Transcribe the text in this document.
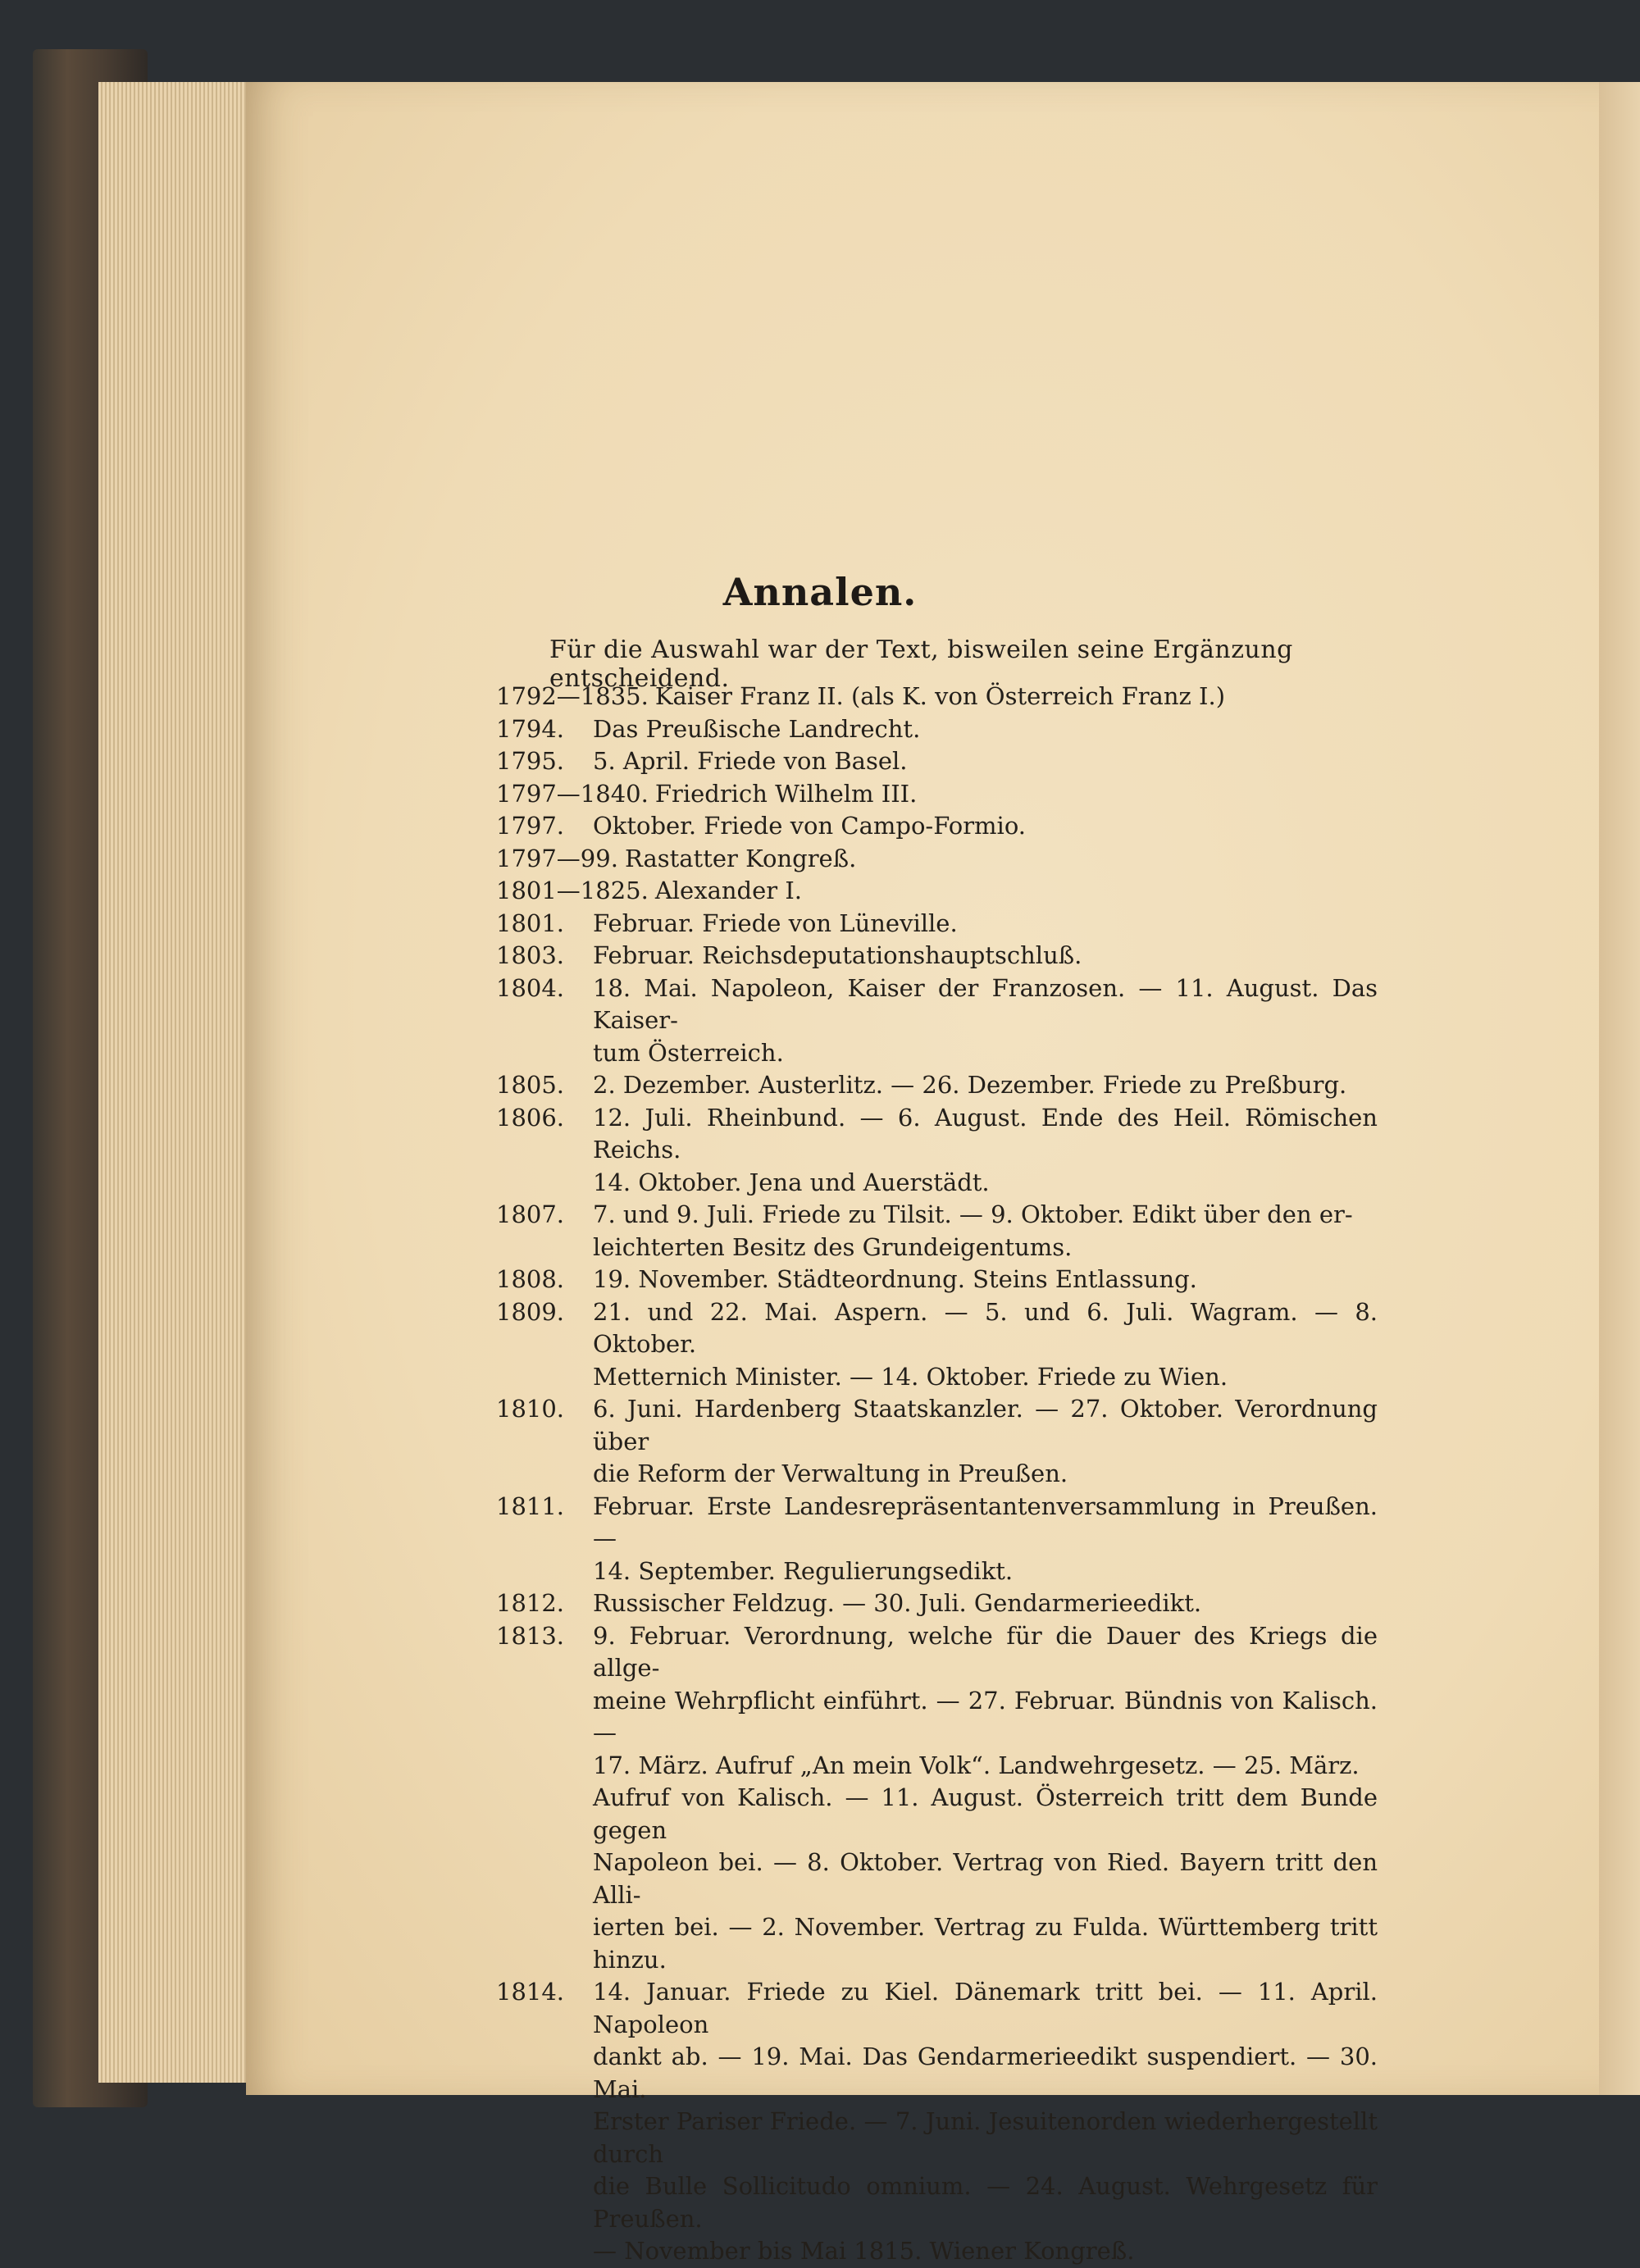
Annalen.
Für die Auswahl war der Text, bisweilen seine Ergänzung entscheidend.
1792—1835. Kaiser Franz II. (als K. von Österreich Franz I.)
1794.	Das Preußische Landrecht.
1795.	5. April. Friede von Basel.
1797—1840. Friedrich Wilhelm III.
1797.	Oktober. Friede von Campo-Formio.
1797—99. Rastatter Kongreß.
1801—1825. Alexander I.
1801.	Februar. Friede von Lüneville.
1803.	Februar. Reichsdeputationshauptschluß.
1804.	18. Mai. Napoleon, Kaiser der Franzosen. — 11. August. Das Kaiser-
tum Österreich.
1805.	2. Dezember. Austerlitz. — 26. Dezember. Friede zu Preßburg.
1806.	12. Juli. Rheinbund. — 6. August. Ende des Heil. Römischen Reichs.
14. Oktober. Jena und Auerstädt.
1807.	7. und 9. Juli. Friede zu Tilsit. — 9. Oktober. Edikt über den er-
leichterten Besitz des Grundeigentums.
1808.	19. November. Städteordnung. Steins Entlassung.
1809.	21. und 22. Mai. Aspern. — 5. und 6. Juli. Wagram. — 8. Oktober.
Metternich Minister. — 14. Oktober. Friede zu Wien.
1810.	6. Juni. Hardenberg Staatskanzler. — 27. Oktober. Verordnung über
die Reform der Verwaltung in Preußen.
1811.	Februar. Erste Landesrepräsentantenversammlung in Preußen. —
14. September. Regulierungsedikt.
1812.	Russischer Feldzug. — 30. Juli. Gendarmerieedikt.
1813.	9. Februar. Verordnung, welche für die Dauer des Kriegs die allge-
meine Wehrpflicht einführt. — 27. Februar. Bündnis von Kalisch. —
17. März. Aufruf „An mein Volk“. Landwehrgesetz. — 25. März.
Aufruf von Kalisch. — 11. August. Österreich tritt dem Bunde gegen
Napoleon bei. — 8. Oktober. Vertrag von Ried. Bayern tritt den Alli-
ierten bei. — 2. November. Vertrag zu Fulda. Württemberg tritt hinzu.
1814.	14. Januar. Friede zu Kiel. Dänemark tritt bei. — 11. April. Napoleon
dankt ab. — 19. Mai. Das Gendarmerieedikt suspendiert. — 30. Mai.
Erster Pariser Friede. — 7. Juni. Jesuitenorden wiederhergestellt durch
die Bulle Sollicitudo omnium. — 24. August. Wehrgesetz für Preußen.
— November bis Mai 1815. Wiener Kongreß.
